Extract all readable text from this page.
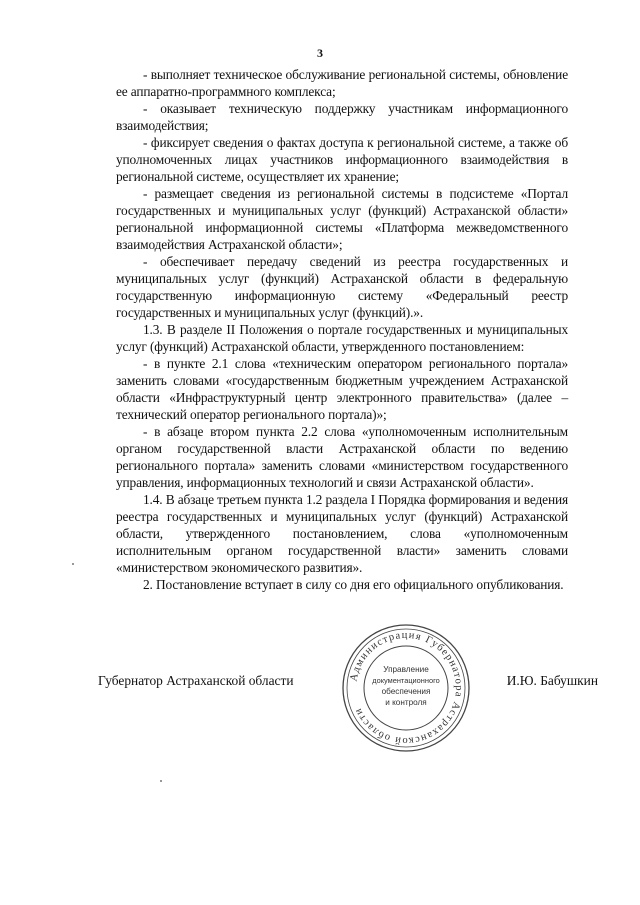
3

- выполняет техническое обслуживание региональной системы, обновление ее аппаратно-программного комплекса;

- оказывает техническую поддержку участникам информационного взаимодействия;

- фиксирует сведения о фактах доступа к региональной системе, а также об уполномоченных лицах участников информационного взаимодействия в региональной системе, осуществляет их хранение;

- размещает сведения из региональной системы в подсистеме «Портал государственных и муниципальных услуг (функций) Астраханской области» региональной информационной системы «Платформа межведомственного взаимодействия Астраханской области»;

- обеспечивает передачу сведений из реестра государственных и муниципальных услуг (функций) Астраханской области в федеральную государственную информационную систему «Федеральный реестр государственных и муниципальных услуг (функций).».

1.3. В разделе II Положения о портале государственных и муниципальных услуг (функций) Астраханской области, утвержденного постановлением:

- в пункте 2.1 слова «техническим оператором регионального портала» заменить словами «государственным бюджетным учреждением Астраханской области «Инфраструктурный центр электронного правительства» (далее – технический оператор регионального портала)»;

- в абзаце втором пункта 2.2 слова «уполномоченным исполнительным органом государственной власти Астраханской области по ведению регионального портала» заменить словами «министерством государственного управления, информационных технологий и связи Астраханской области».

1.4. В абзаце третьем пункта 1.2 раздела I Порядка формирования и ведения реестра государственных и муниципальных услуг (функций) Астраханской области, утвержденного постановлением, слова «уполномоченным исполнительным органом государственной власти» заменить словами «министерством экономического развития».

2. Постановление вступает в силу со дня его официального опубликования.

Губернатор Астраханской области	И.Ю. Бабушкин
Администрация Губернатора Астраханской области
Управление
документационного
обеспечения
и контроля
